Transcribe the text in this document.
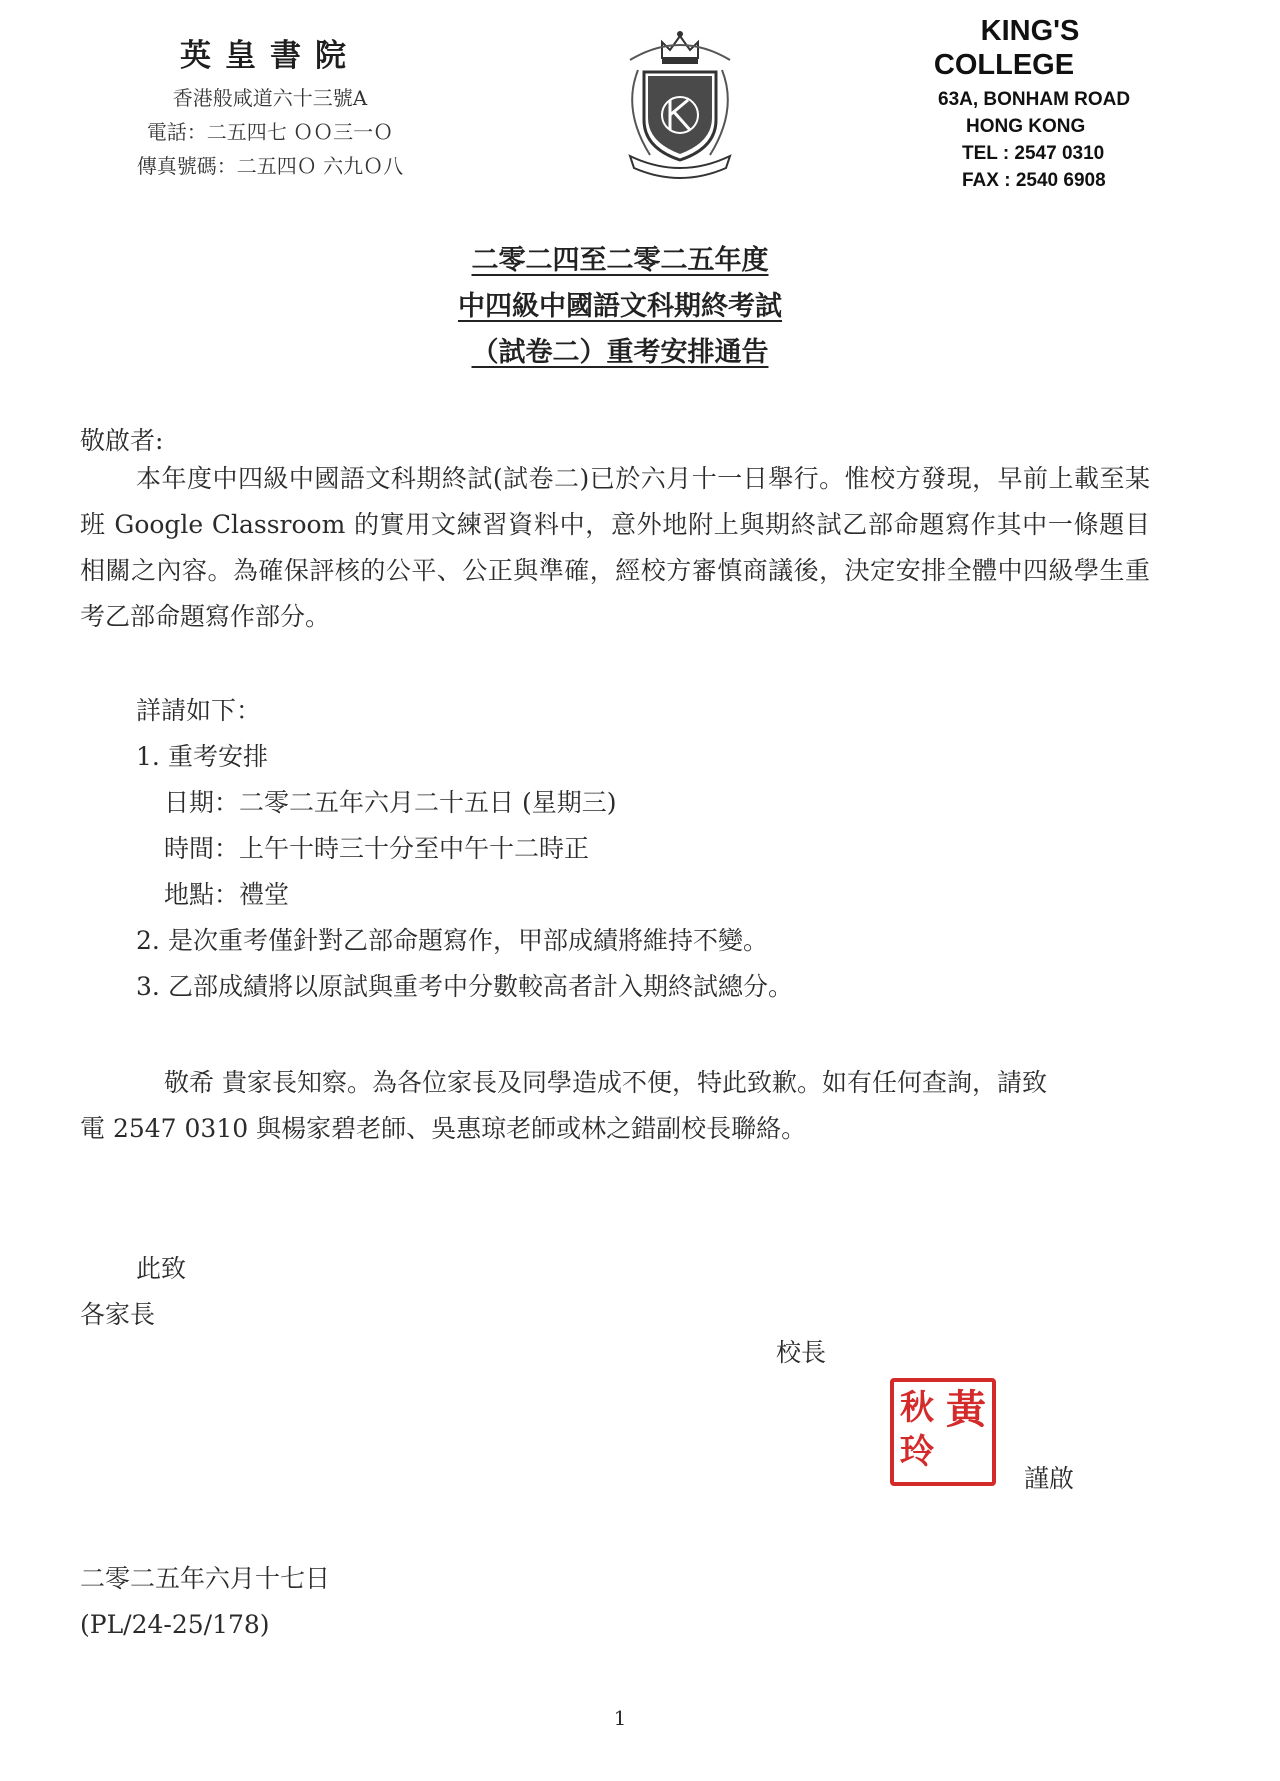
英皇書院
香港般咸道六十三號A
電話：二五四七 ＯＯ三一Ｏ
傳真號碼：二五四Ｏ 六九Ｏ八
KING'S
COLLEGE
63A, BONHAM ROAD
HONG KONG
TEL : 2547 0310
FAX : 2540 6908
二零二四至二零二五年度
中四級中國語文科期終考試
（試卷二）重考安排通告
敬啟者:
本年度中四級中國語文科期終試(試卷二)已於六月十一日舉行。惟校方發現，早前上載至某班 Google Classroom 的實用文練習資料中，意外地附上與期終試乙部命題寫作其中一條題目相關之內容。為確保評核的公平、公正與準確，經校方審慎商議後，決定安排全體中四級學生重考乙部命題寫作部分。
詳請如下：
1. 重考安排
日期：二零二五年六月二十五日 (星期三)
時間：上午十時三十分至中午十二時正
地點：禮堂
2. 是次重考僅針對乙部命題寫作，甲部成績將維持不變。
3. 乙部成績將以原試與重考中分數較高者計入期終試總分。
敬希 貴家長知察。為各位家長及同學造成不便，特此致歉。如有任何查詢，請致
電 2547 0310 與楊家碧老師、吳惠琼老師或林之錯副校長聯絡。
此致
各家長
校長
黃
秋
玲
謹啟
二零二五年六月十七日
(PL/24-25/178)
1
